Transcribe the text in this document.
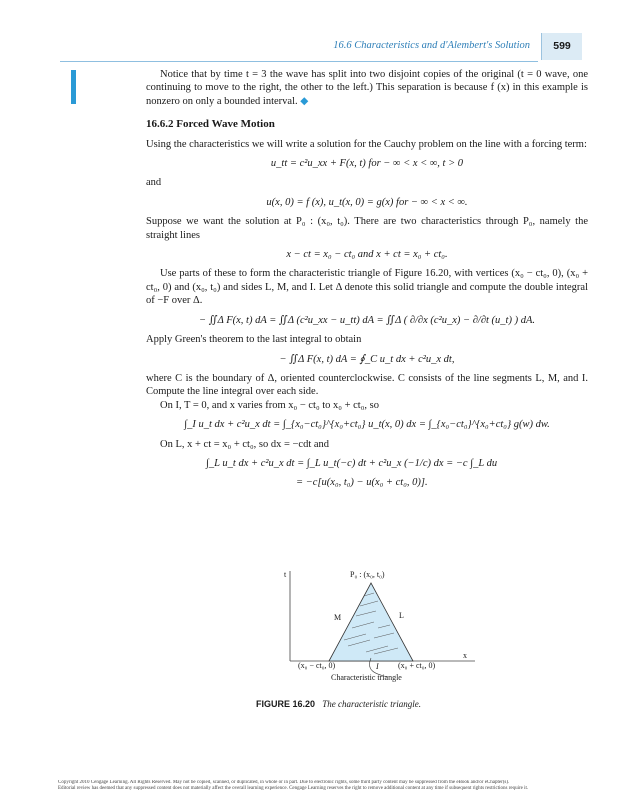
16.6 Characteristics and d'Alembert's Solution	599

Notice that by time t = 3 the wave has split into two disjoint copies of the original (t = 0 wave, one continuing to move to the right, the other to the left.) This separation is because f (x) in this example is nonzero on only a bounded interval. ◆

16.6.2 Forced Wave Motion

Using the characteristics we will write a solution for the Cauchy problem on the line with a forcing term:

u_tt = c²u_xx + F(x, t) for − ∞ < x < ∞, t > 0

and

u(x, 0) = f (x), u_t(x, 0) = g(x) for − ∞ < x < ∞.

Suppose we want the solution at P₀ : (x₀, t₀). There are two characteristics through P₀, namely the straight lines

x − ct = x₀ − ct₀ and x + ct = x₀ + ct₀.

Use parts of these to form the characteristic triangle of Figure 16.20, with vertices (x₀ − ct₀, 0), (x₀ + ct₀, 0) and (x₀, t₀) and sides L, M, and I. Let Δ denote this solid triangle and compute the double integral of −F over Δ.

− ∬Δ F(x, t) dA = ∬Δ (c²u_xx − u_tt) dA = ∬Δ ( ∂/∂x (c²u_x) − ∂/∂t (u_t) ) dA.

Apply Green's theorem to the last integral to obtain

− ∬Δ F(x, t) dA = ∮_C u_t dx + c²u_x dt,

where C is the boundary of Δ, oriented counterclockwise. C consists of the line segments L, M, and I. Compute the line integral over each side.

On I, T = 0, and x varies from x₀ − ct₀ to x₀ + ct₀, so

∫_I u_t dx + c²u_x dt = ∫_{x₀−ct₀}^{x₀+ct₀} u_t(x, 0) dx = ∫_{x₀−ct₀}^{x₀+ct₀} g(w) dw.

On L, x + ct = x₀ + ct₀, so dx = −cdt and

∫_L u_t dx + c²u_x dt = ∫_L u_t(−c) dt + c²u_x (−1/c) dx = −c ∫_L du
= −c[u(x₀, t₀) − u(x₀ + ct₀, 0)].
t
x
P₀ : (x₀, t₀)
M	L
(x₀ − ct₀, 0)	I (x₀ + ct₀, 0)
Characteristic triangle
FIGURE 16.20 The characteristic triangle.
Copyright 2010 Cengage Learning. All Rights Reserved. May not be copied, scanned, or duplicated, in whole or in part. Due to electronic rights, some third party content may be suppressed from the eBook and/or eChapter(s).
Editorial review has deemed that any suppressed content does not materially affect the overall learning experience. Cengage Learning reserves the right to remove additional content at any time if subsequent rights restrictions require it.
